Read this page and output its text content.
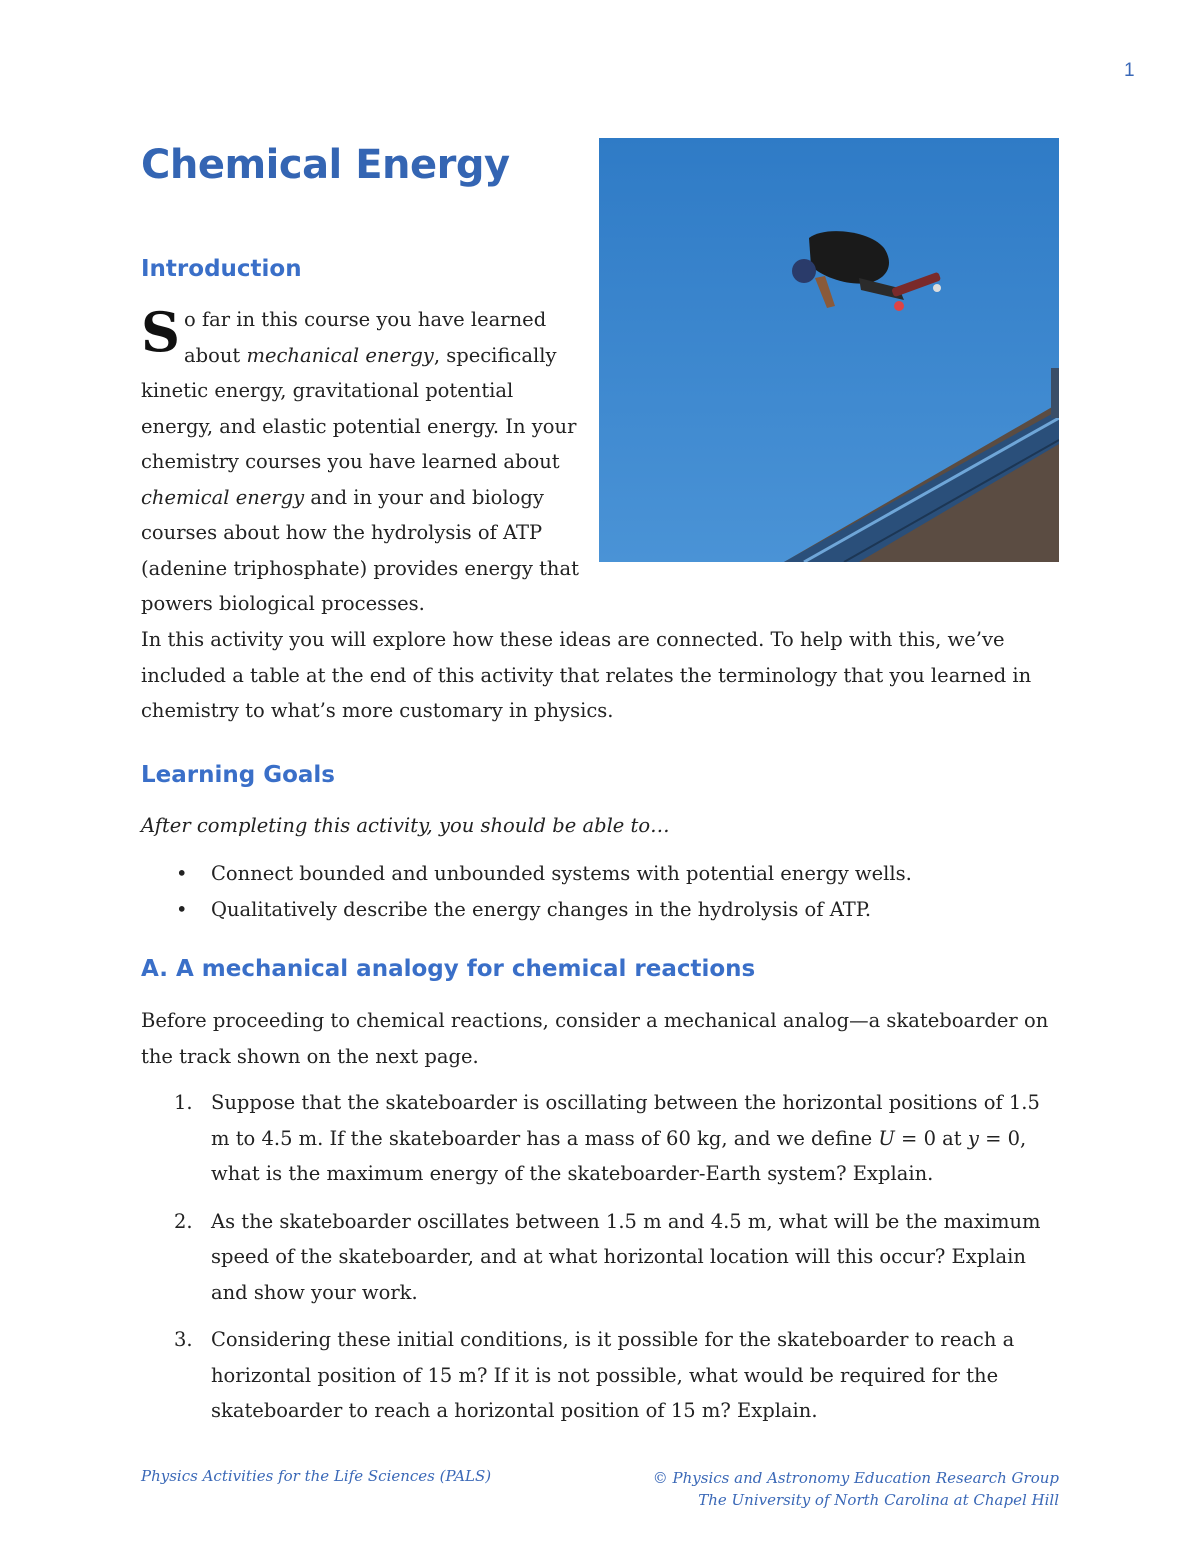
1
Chemical Energy
Introduction

So far in this course you have learned about mechanical energy, specifically kinetic energy, gravitational potential energy, and elastic potential energy. In your chemistry courses you have learned about chemical energy and in your and biology courses about how the hydrolysis of ATP (adenine triphosphate) provides energy that powers biological processes.

In this activity you will explore how these ideas are connected. To help with this, we’ve included a table at the end of this activity that relates the terminology that you learned in chemistry to what’s more customary in physics.

Learning Goals

After completing this activity, you should be able to…

• Connect bounded and unbounded systems with potential energy wells.
• Qualitatively describe the energy changes in the hydrolysis of ATP.
A. A mechanical analogy for chemical reactions

Before proceeding to chemical reactions, consider a mechanical analog—a skateboarder on the track shown on the next page.

1. Suppose that the skateboarder is oscillating between the horizontal positions of 1.5 m to 4.5 m. If the skateboarder has a mass of 60 kg, and we define U = 0 at y = 0, what is the maximum energy of the skateboarder-Earth system? Explain.
2. As the skateboarder oscillates between 1.5 m and 4.5 m, what will be the maximum speed of the skateboarder, and at what horizontal location will this occur? Explain and show your work.
3. Considering these initial conditions, is it possible for the skateboarder to reach a horizontal position of 15 m? If it is not possible, what would be required for the skateboarder to reach a horizontal position of 15 m? Explain.
Physics Activities for the Life Sciences (PALS)	© Physics and Astronomy Education Research Group
The University of North Carolina at Chapel Hill
